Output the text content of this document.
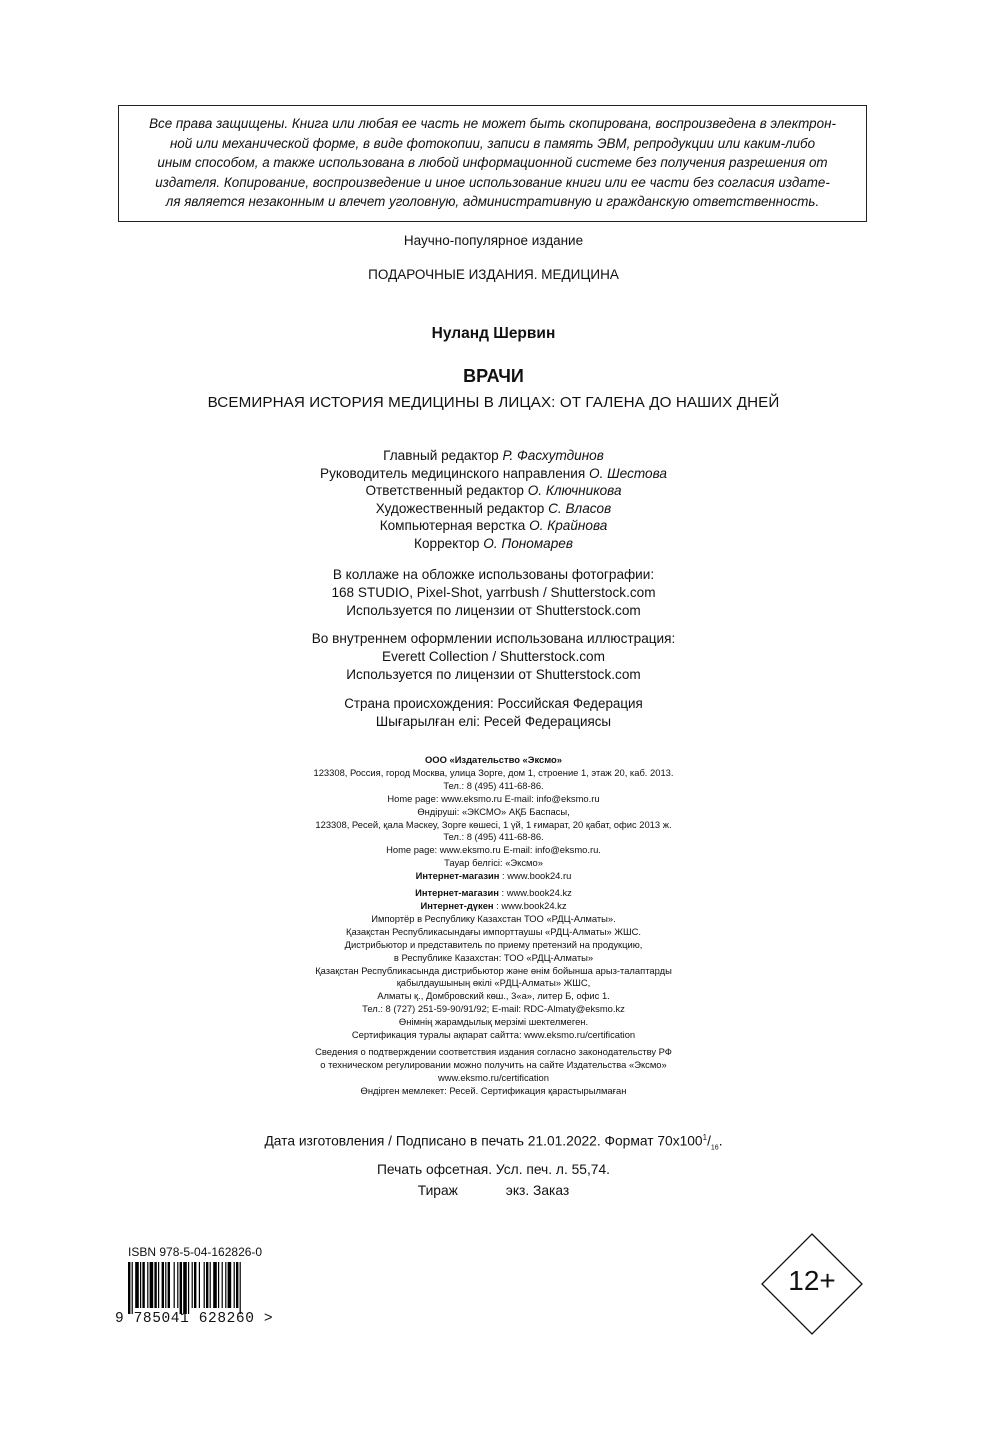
Все права защищены. Книга или любая ее часть не может быть скопирована, воспроизведена в электрон-
ной или механической форме, в виде фотокопии, записи в память ЭВМ, репродукции или каким-либо
иным способом, а также использована в любой информационной системе без получения разрешения от
издателя. Копирование, воспроизведение и иное использование книги или ее части без согласия издате-
ля является незаконным и влечет уголовную, административную и гражданскую ответственность.
Научно-популярное издание
ПОДАРОЧНЫЕ ИЗДАНИЯ. МЕДИЦИНА
Нуланд Шервин
ВРАЧИ
ВСЕМИРНАЯ ИСТОРИЯ МЕДИЦИНЫ В ЛИЦАХ: ОТ ГАЛЕНА ДО НАШИХ ДНЕЙ
Главный редактор Р. Фасхутдинов
Руководитель медицинского направления О. Шестова
Ответственный редактор О. Ключникова
Художественный редактор С. Власов
Компьютерная верстка О. Крайнова
Корректор О. Пономарев
В коллаже на обложке использованы фотографии:
168 STUDIO, Pixel-Shot, yarrbush / Shutterstock.com
Используется по лицензии от Shutterstock.com
Во внутреннем оформлении использована иллюстрация:
Everett Collection / Shutterstock.com
Используется по лицензии от Shutterstock.com
Страна происхождения: Российская Федерация
Шығарылған елі: Ресей Федерациясы
ООО «Издательство «Эксмо»
123308, Россия, город Москва, улица Зорге, дом 1, строение 1, этаж 20, каб. 2013.
Тел.: 8 (495) 411-68-86.
Home page: www.eksmo.ru E-mail: info@eksmo.ru
Өндіруші: «ЭКСМО» АҚБ Баспасы,
123308, Ресей, қала Мәскеу, Зорге көшесі, 1 үй, 1 ғимарат, 20 қабат, офис 2013 ж.
Тел.: 8 (495) 411-68-86.
Home page: www.eksmo.ru E-mail: info@eksmo.ru.
Тауар белгісі: «Эксмо»
Интернет-магазин : www.book24.ru
Интернет-магазин : www.book24.kz
Интернет-дүкен : www.book24.kz
Импортёр в Республику Казахстан ТОО «РДЦ-Алматы».
Қазақстан Республикасындағы импорттаушы «РДЦ-Алматы» ЖШС.
Дистрибьютор и представитель по приему претензий на продукцию,
в Республике Казахстан: ТОО «РДЦ-Алматы»
Қазақстан Республикасында дистрибьютор және өнім бойынша арыз-талаптарды
қабылдаушының өкілі «РДЦ-Алматы» ЖШС,
Алматы қ., Домбровский көш., 3«а», литер Б, офис 1.
Тел.: 8 (727) 251-59-90/91/92; E-mail: RDC-Almaty@eksmo.kz
Өнімнің жарамдылық мерзімі шектелмеген.
Сертификация туралы ақпарат сайтта: www.eksmo.ru/certification
Сведения о подтверждении соответствия издания согласно законодательству РФ
о техническом регулировании можно получить на сайте Издательства «Эксмо»
www.eksmo.ru/certification
Өндірген мемлекет: Ресей. Сертификация қарастырылмаған
Дата изготовления / Подписано в печать 21.01.2022. Формат $70x100^1/_{16}$.
Печать офсетная. Усл. печ. л. 55,74.
Тираж	экз. Заказ
ISBN 978-5-04-162826-0
9 785041 628260 >
12+
